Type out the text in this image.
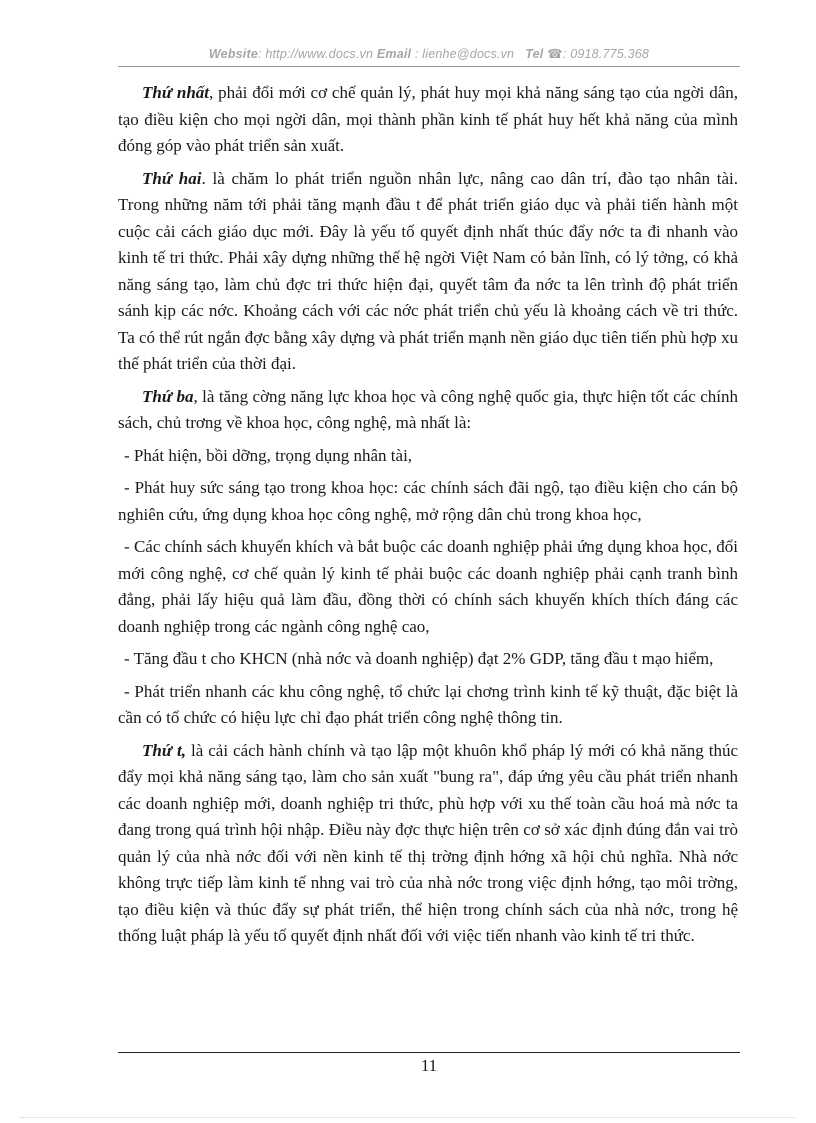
Website: http://www.docs.vn Email : lienhe@docs.vn Tel ☎: 0918.775.368

Thứ nhất, phải đổi mới cơ chế quản lý, phát huy mọi khả năng sáng tạo của ngời dân, tạo điều kiện cho mọi ngời dân, mọi thành phần kinh tế phát huy hết khả năng của mình đóng góp vào phát triển sản xuất.

Thứ hai. là chăm lo phát triển nguồn nhân lực, nâng cao dân trí, đào tạo nhân tài. Trong những năm tới phải tăng mạnh đầu t để phát triển giáo dục và phải tiến hành một cuộc cải cách giáo dục mới. Đây là yếu tố quyết định nhất thúc đẩy nớc ta đi nhanh vào kinh tế tri thức. Phải xây dựng những thế hệ ngời Việt Nam có bản lĩnh, có lý tởng, có khả năng sáng tạo, làm chủ đợc tri thức hiện đại, quyết tâm đa nớc ta lên trình độ phát triển sánh kịp các nớc. Khoảng cách với các nớc phát triển chủ yếu là khoảng cách về tri thức. Ta có thể rút ngắn đợc bằng xây dựng và phát triển mạnh nền giáo dục tiên tiến phù hợp xu thế phát triển của thời đại.

Thứ ba, là tăng cờng năng lực khoa học và công nghệ quốc gia, thực hiện tốt các chính sách, chủ trơng về khoa học, công nghệ, mà nhất là:

- Phát hiện, bồi dỡng, trọng dụng nhân tài,

- Phát huy sức sáng tạo trong khoa học: các chính sách đãi ngộ, tạo điều kiện cho cán bộ nghiên cứu, ứng dụng khoa học công nghệ, mở rộng dân chủ trong khoa học,

- Các chính sách khuyến khích và bắt buộc các doanh nghiệp phải ứng dụng khoa học, đổi mới công nghệ, cơ chế quản lý kinh tế phải buộc các doanh nghiệp phải cạnh tranh bình đẳng, phải lấy hiệu quả làm đầu, đồng thời có chính sách khuyến khích thích đáng các doanh nghiệp trong các ngành công nghệ cao,

- Tăng đầu t cho KHCN (nhà nớc và doanh nghiệp) đạt 2% GDP, tăng đầu t mạo hiểm,

- Phát triển nhanh các khu công nghệ, tổ chức lại chơng trình kinh tế kỹ thuật, đặc biệt là cần có tổ chức có hiệu lực chỉ đạo phát triển công nghệ thông tin.

Thứ t, là cải cách hành chính và tạo lập một khuôn khổ pháp lý mới có khả năng thúc đẩy mọi khả năng sáng tạo, làm cho sản xuất "bung ra", đáp ứng yêu cầu phát triển nhanh các doanh nghiệp mới, doanh nghiệp tri thức, phù hợp với xu thế toàn cầu hoá mà nớc ta đang trong quá trình hội nhập. Điều này đợc thực hiện trên cơ sở xác định đúng đắn vai trò quản lý của nhà nớc đối với nền kinh tế thị trờng định hớng xã hội chủ nghĩa. Nhà nớc không trực tiếp làm kinh tế nhng vai trò của nhà nớc trong việc định hớng, tạo môi trờng, tạo điều kiện và thúc đẩy sự phát triển, thể hiện trong chính sách của nhà nớc, trong hệ thống luật pháp là yếu tố quyết định nhất đối với việc tiến nhanh vào kinh tế tri thức.

11
